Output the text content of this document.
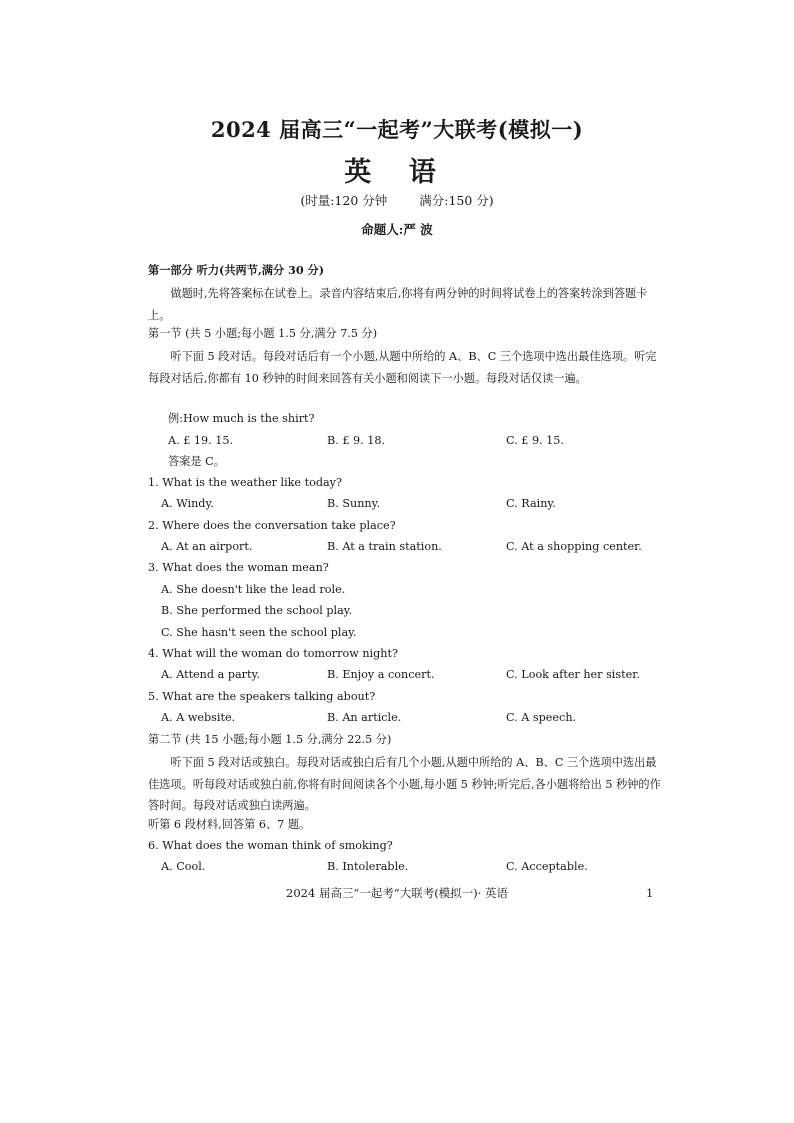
2024 届高三“一起考”大联考(模拟一)
英 语
(时量:120 分钟	满分:150 分)
命题人:严 波
第一部分 听力(共两节,满分 30 分)
做题时,先将答案标在试卷上。录音内容结束后,你将有两分钟的时间将试卷上的答案转涂到答题卡上。
第一节 (共 5 小题;每小题 1.5 分,满分 7.5 分)
听下面 5 段对话。每段对话后有一个小题,从题中所给的 A、B、C 三个选项中选出最佳选项。听完每段对话后,你都有 10 秒钟的时间来回答有关小题和阅读下一小题。每段对话仅读一遍。
例:How much is the shirt?
A. £ 19. 15.	B. £ 9. 18.	C. £ 9. 15.
答案是 C。
1. What is the weather like today?
A. Windy.	B. Sunny.	C. Rainy.
2. Where does the conversation take place?
A. At an airport.	B. At a train station.	C. At a shopping center.
3. What does the woman mean?
A. She doesn't like the lead role.
B. She performed the school play.
C. She hasn't seen the school play.
4. What will the woman do tomorrow night?
A. Attend a party.	B. Enjoy a concert.	C. Look after her sister.
5. What are the speakers talking about?
A. A website.	B. An article.	C. A speech.
第二节 (共 15 小题;每小题 1.5 分,满分 22.5 分)
听下面 5 段对话或独白。每段对话或独白后有几个小题,从题中所给的 A、B、C 三个选项中选出最佳选项。听每段对话或独白前,你将有时间阅读各个小题,每小题 5 秒钟;听完后,各小题将给出 5 秒钟的作答时间。每段对话或独白读两遍。
听第 6 段材料,回答第 6、7 题。
6. What does the woman think of smoking?
A. Cool.	B. Intolerable.	C. Acceptable.
2024 届高三“一起考”大联考(模拟一)· 英语	1
